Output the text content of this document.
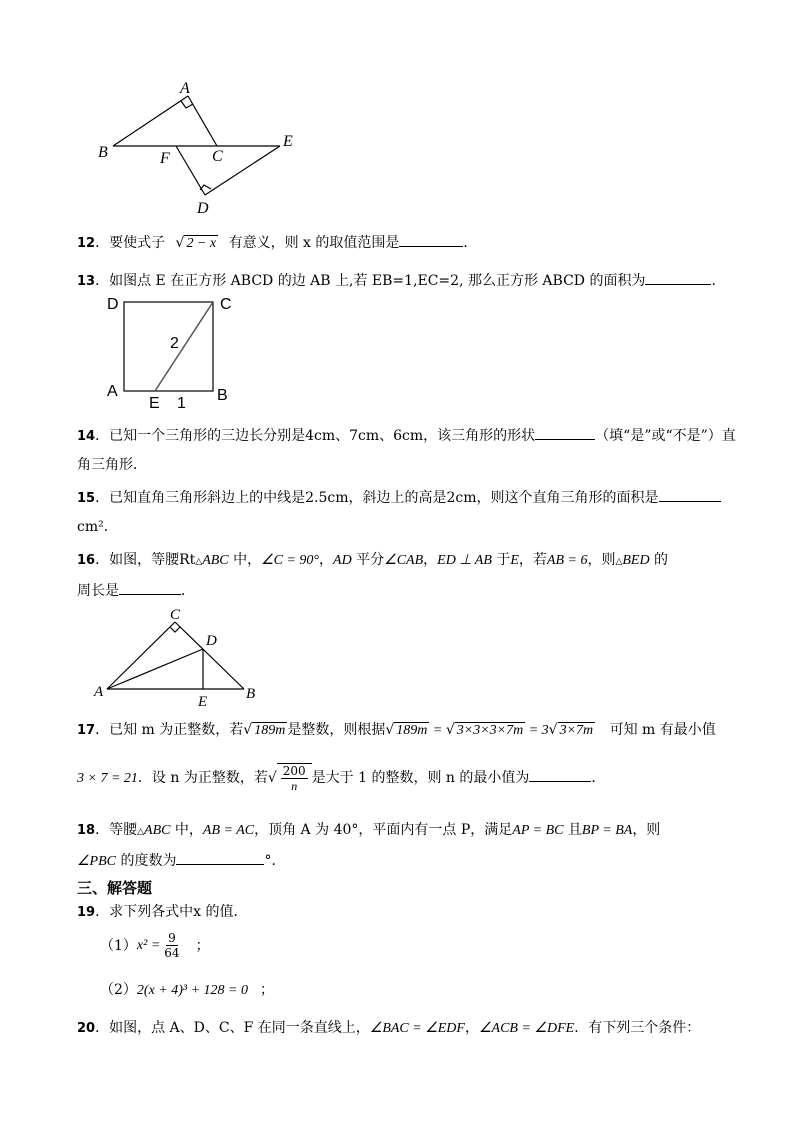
A
B	F	C
E
D
12．要使式子 √ 2 − x 有意义，则 x 的取值范围是	．
13．如图点 E 在正方形 ABCD 的边 AB 上,若 EB=1,EC=2, 那么正方形 ABCD 的面积为	.
D	C
A	B
E 1
2
14．已知一个三角形的三边长分别是4cm、7cm、6cm，该三角形的形状	（填“是”或“不是”）直
角三角形．
15．已知直角三角形斜边上的中线是2.5cm，斜边上的高是2cm，则这个直角三角形的面积是
cm²．
16．如图，等腰Rt△ABC 中，∠C = 90°，AD 平分∠CAB，ED ⊥ AB 于E，若AB = 6，则△BED 的
周长是	．
C
D
A	B
E
17．已知 m 为正整数，若√ 189m 是整数，则根据√ 189m = √ 3×3×3×7m = 3√ 3×7m 可知 m 有最小值
3 × 7 = 21．设 n 为正整数，若√ $\frac{200}{n}$ 是大于 1 的整数，则 n 的最小值为	．
18．等腰△ABC 中，AB = AC，顶角 A 为 40°，平面内有一点 P，满足AP = BC 且BP = BA，则
∠PBC 的度数为	°．
三、解答题
19．求下列各式中x 的值．
（1） $x^2 = \frac{9}{64}$ ；
（2）2(x + 4)³ + 128 = 0 ；
20．如图，点 A、D、C、F 在同一条直线上，∠BAC = ∠EDF，∠ACB = ∠DFE．有下列三个条件：
